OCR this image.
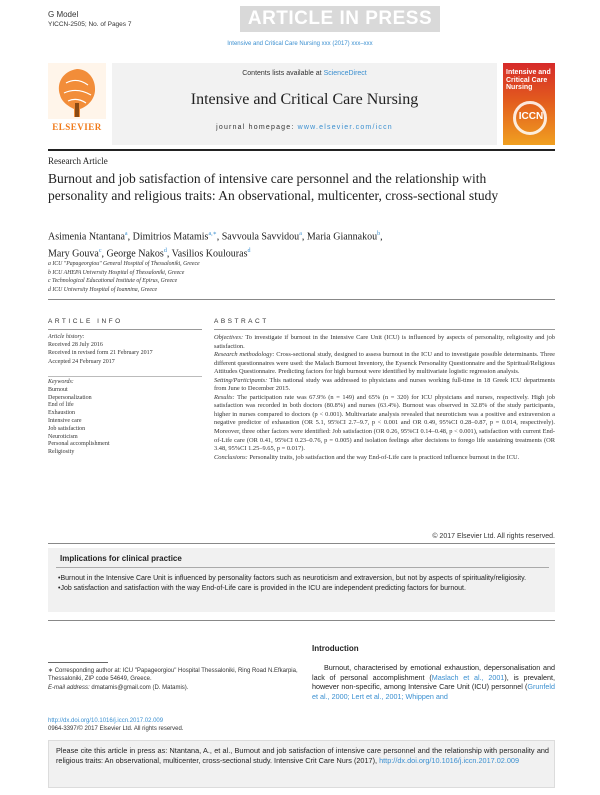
G Model
YICCN-2505; No. of Pages 7	ARTICLE IN PRESS
Intensive and Critical Care Nursing xxx (2017) xxx–xxx
ELSEVIER
Contents lists available at ScienceDirect
Intensive and Critical Care Nursing
journal homepage: www.elsevier.com/iccn
Intensive and Critical Care Nursing
ICCN
Research Article
Burnout and job satisfaction of intensive care personnel and the relationship with personality and religious traits: An observational, multicenter, cross-sectional study
Asimenia Ntantana$^a$, Dimitrios Matamis$^{a,∗}$, Savvoula Savvidou$^a$, Maria Giannakou$^b$,
Mary Gouva$^c$, George Nakos$^d$, Vasilios Koulouras$^d$
a ICU "Papageorgiou" General Hospital of Thessaloniki, Greece
b ICU AHEPA University Hospital of Thessaloniki, Greece
c Technological Educational Institute of Epirus, Greece
d ICU University Hospital of Ioannina, Greece
ARTICLE INFO
Article history:
Received 28 July 2016
Received in revised form 21 February 2017
Accepted 24 February 2017
Keywords:
Burnout
Depersonalization
End of life
Exhaustion
Intensive care
Job satisfaction
Neuroticism
Personal accomplishment
Religiosity
ABSTRACT
Objectives: To investigate if burnout in the Intensive Care Unit (ICU) is influenced by aspects of personality, religiosity and job satisfaction.
Research methodology: Cross-sectional study, designed to assess burnout in the ICU and to investigate possible determinants. Three different questionnaires were used: the Malach Burnout Inventory, the Eysenck Personality Questionnaire and the Spiritual/Religious Attitudes Questionnaire. Predicting factors for high burnout were identified by multivariate logistic regression analysis.
Setting/Participants: This national study was addressed to physicians and nurses working full-time in 18 Greek ICU departments from June to December 2015.
Results: The participation rate was 67.9% (n = 149) and 65% (n = 320) for ICU physicians and nurses, respectively. High job satisfaction was recorded in both doctors (80.8%) and nurses (63.4%). Burnout was observed in 32.8% of the study participants, higher in nurses compared to doctors (p < 0.001). Multivariate analysis revealed that neuroticism was a positive and extraversion a negative predictor of exhaustion (OR 5.1, 95%CI 2.7–9.7, p < 0.001 and OR 0.49, 95%CI 0.28–0.87, p = 0.014, respectively). Moreover, three other factors were identified: Job satisfaction (OR 0.26, 95%CI 0.14–0.48, p < 0.001), satisfaction with current End-of-Life care (OR 0.41, 95%CI 0.23–0.76, p = 0.005) and isolation feelings after decisions to forego life sustaining treatments (OR 3.48, 95%CI 1.25–9.65, p = 0.017).
Conclusions: Personality traits, job satisfaction and the way End-of-Life care is practiced influence burnout in the ICU.
© 2017 Elsevier Ltd. All rights reserved.
Implications for clinical practice
• Burnout in the Intensive Care Unit is influenced by personality factors such as neuroticism and extraversion, but not by aspects of spirituality/religiosity.
• Job satisfaction and satisfaction with the way End-of-Life care is provided in the ICU are independent predicting factors for burnout.
∗ Corresponding author at: ICU "Papageorgiou" Hospital Thessaloniki, Ring Road N.Efkarpia, Thessaloniki, ZIP code 54649, Greece.
E-mail address: dmatamis@gmail.com (D. Matamis).
http://dx.doi.org/10.1016/j.iccn.2017.02.009
0964-3397/© 2017 Elsevier Ltd. All rights reserved.
Introduction
Burnout, characterised by emotional exhaustion, depersonalisation and lack of personal accomplishment (Maslach et al., 2001), is prevalent, however non-specific, among Intensive Care Unit (ICU) personnel (Grunfeld et al., 2000; Lert et al., 2001; Whippen and
Please cite this article in press as: Ntantana, A., et al., Burnout and job satisfaction of intensive care personnel and the relationship with personality and religious traits: An observational, multicenter, cross-sectional study. Intensive Crit Care Nurs (2017), http://dx.doi.org/10.1016/j.iccn.2017.02.009
